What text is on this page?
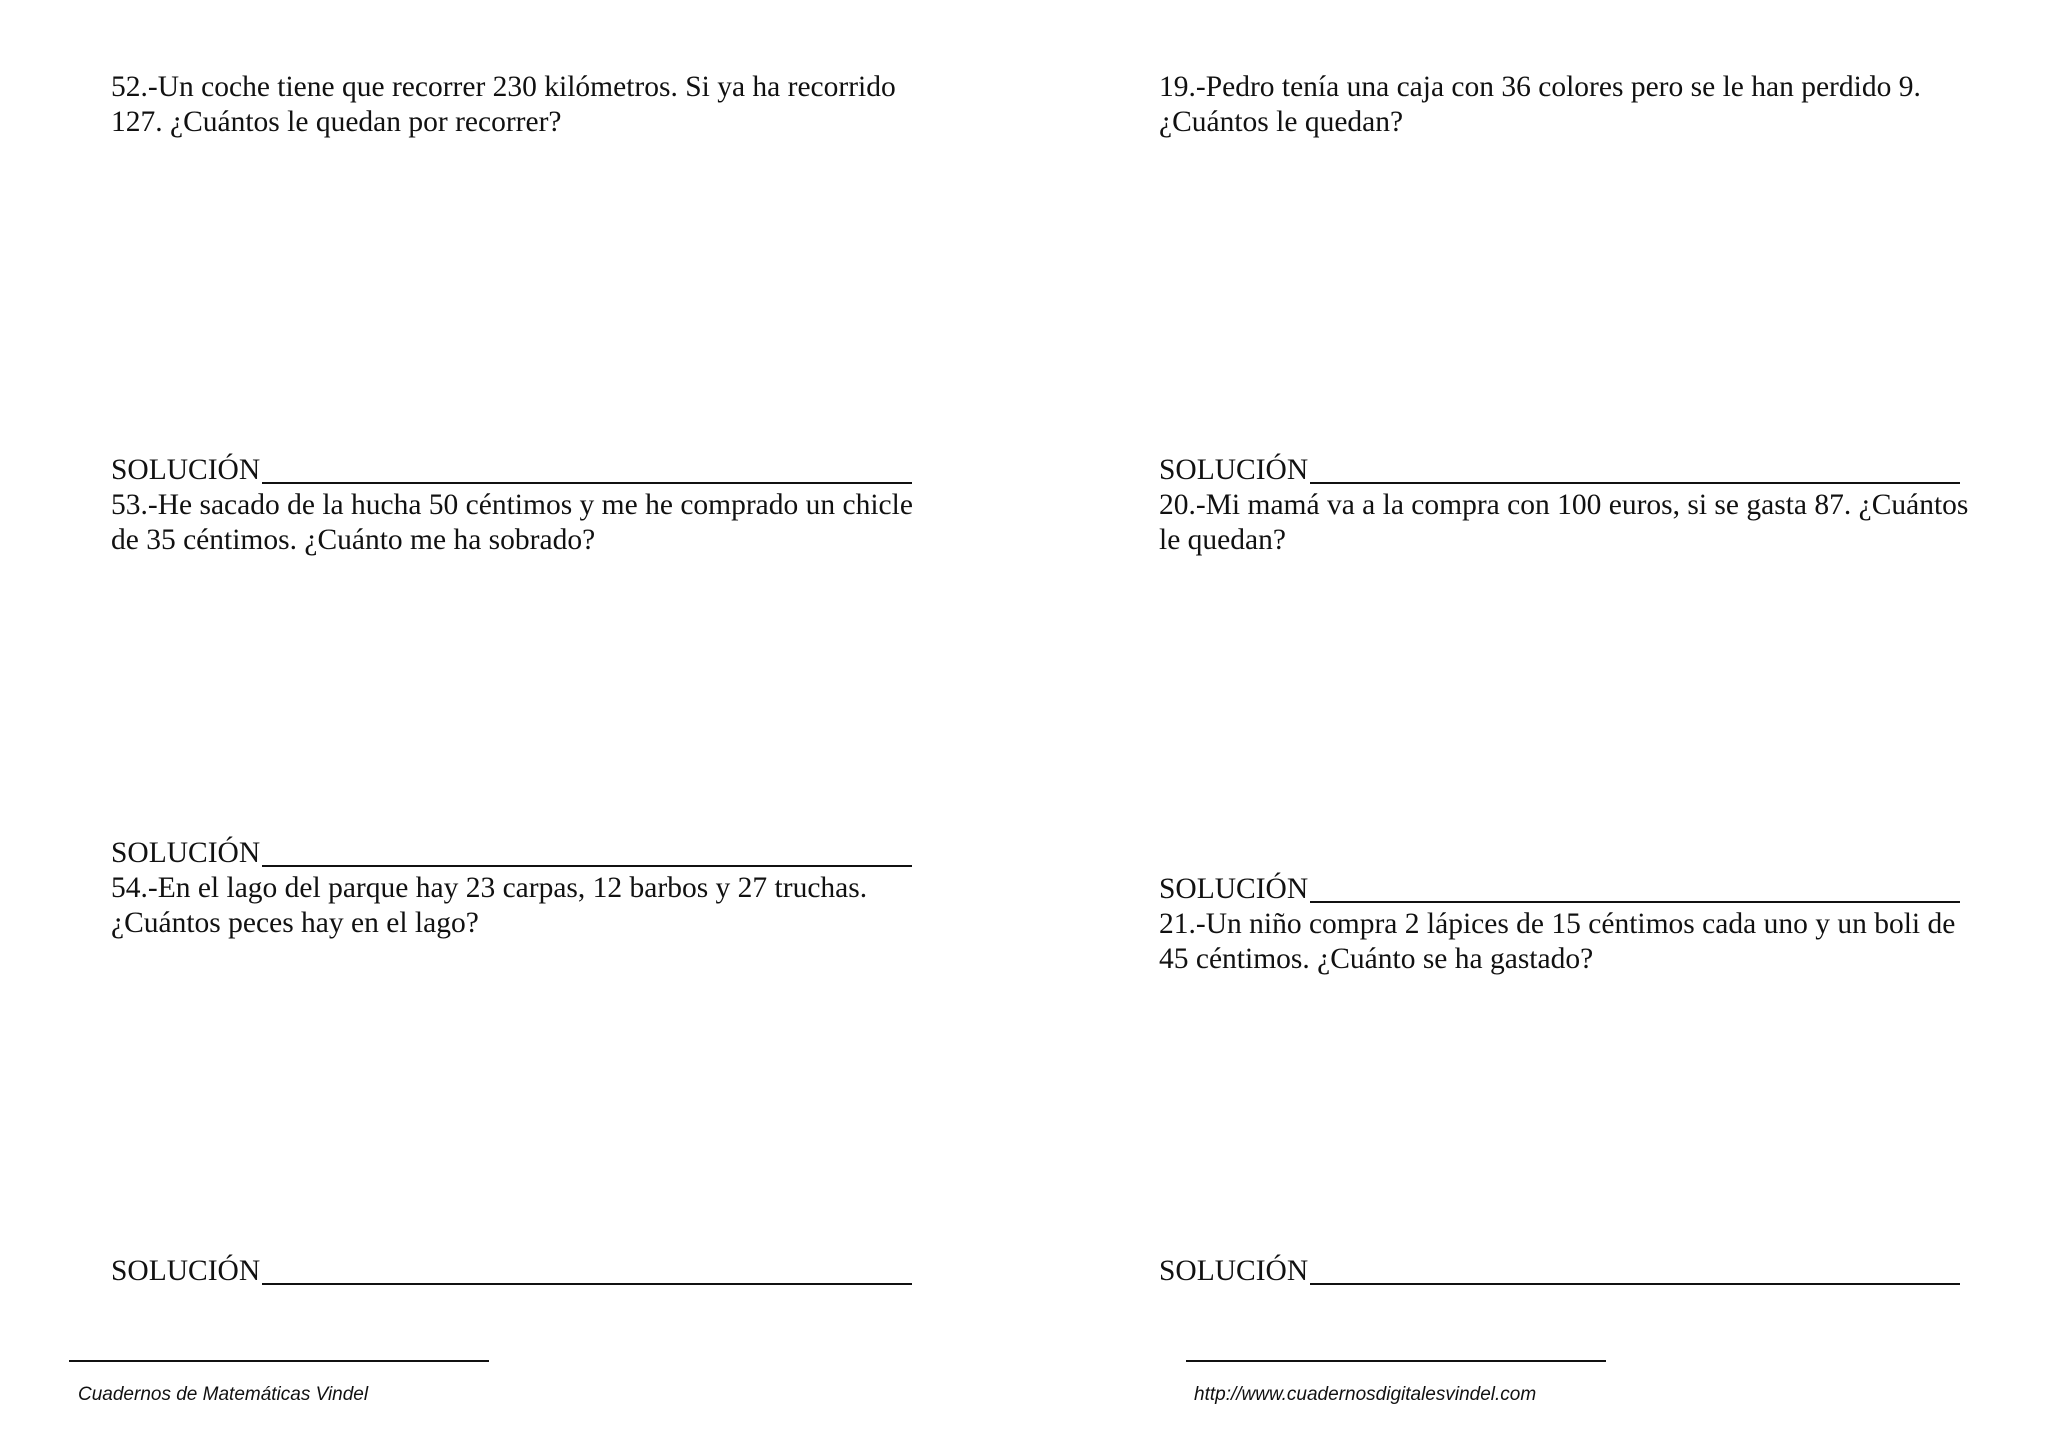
52.-Un coche tiene que recorrer 230 kilómetros. Si ya ha recorrido 127. ¿Cuántos le quedan por recorrer?

SOLUCIÓN

53.-He sacado de la hucha 50 céntimos y me he comprado un chicle de 35 céntimos. ¿Cuánto me ha sobrado?

SOLUCIÓN

54.-En el lago del parque hay 23 carpas, 12 barbos y 27 truchas. ¿Cuántos peces hay en el lago?

SOLUCIÓN

19.-Pedro tenía una caja con 36 colores pero se le han perdido 9. ¿Cuántos le quedan?

SOLUCIÓN

20.-Mi mamá va a la compra con 100 euros, si se gasta 87. ¿Cuántos le quedan?

SOLUCIÓN

21.-Un niño compra 2 lápices de 15 céntimos cada uno y un boli de 45 céntimos. ¿Cuánto se ha gastado?

SOLUCIÓN
Cuadernos de Matemáticas Vindel	http://www.cuadernosdigitalesvindel.com
